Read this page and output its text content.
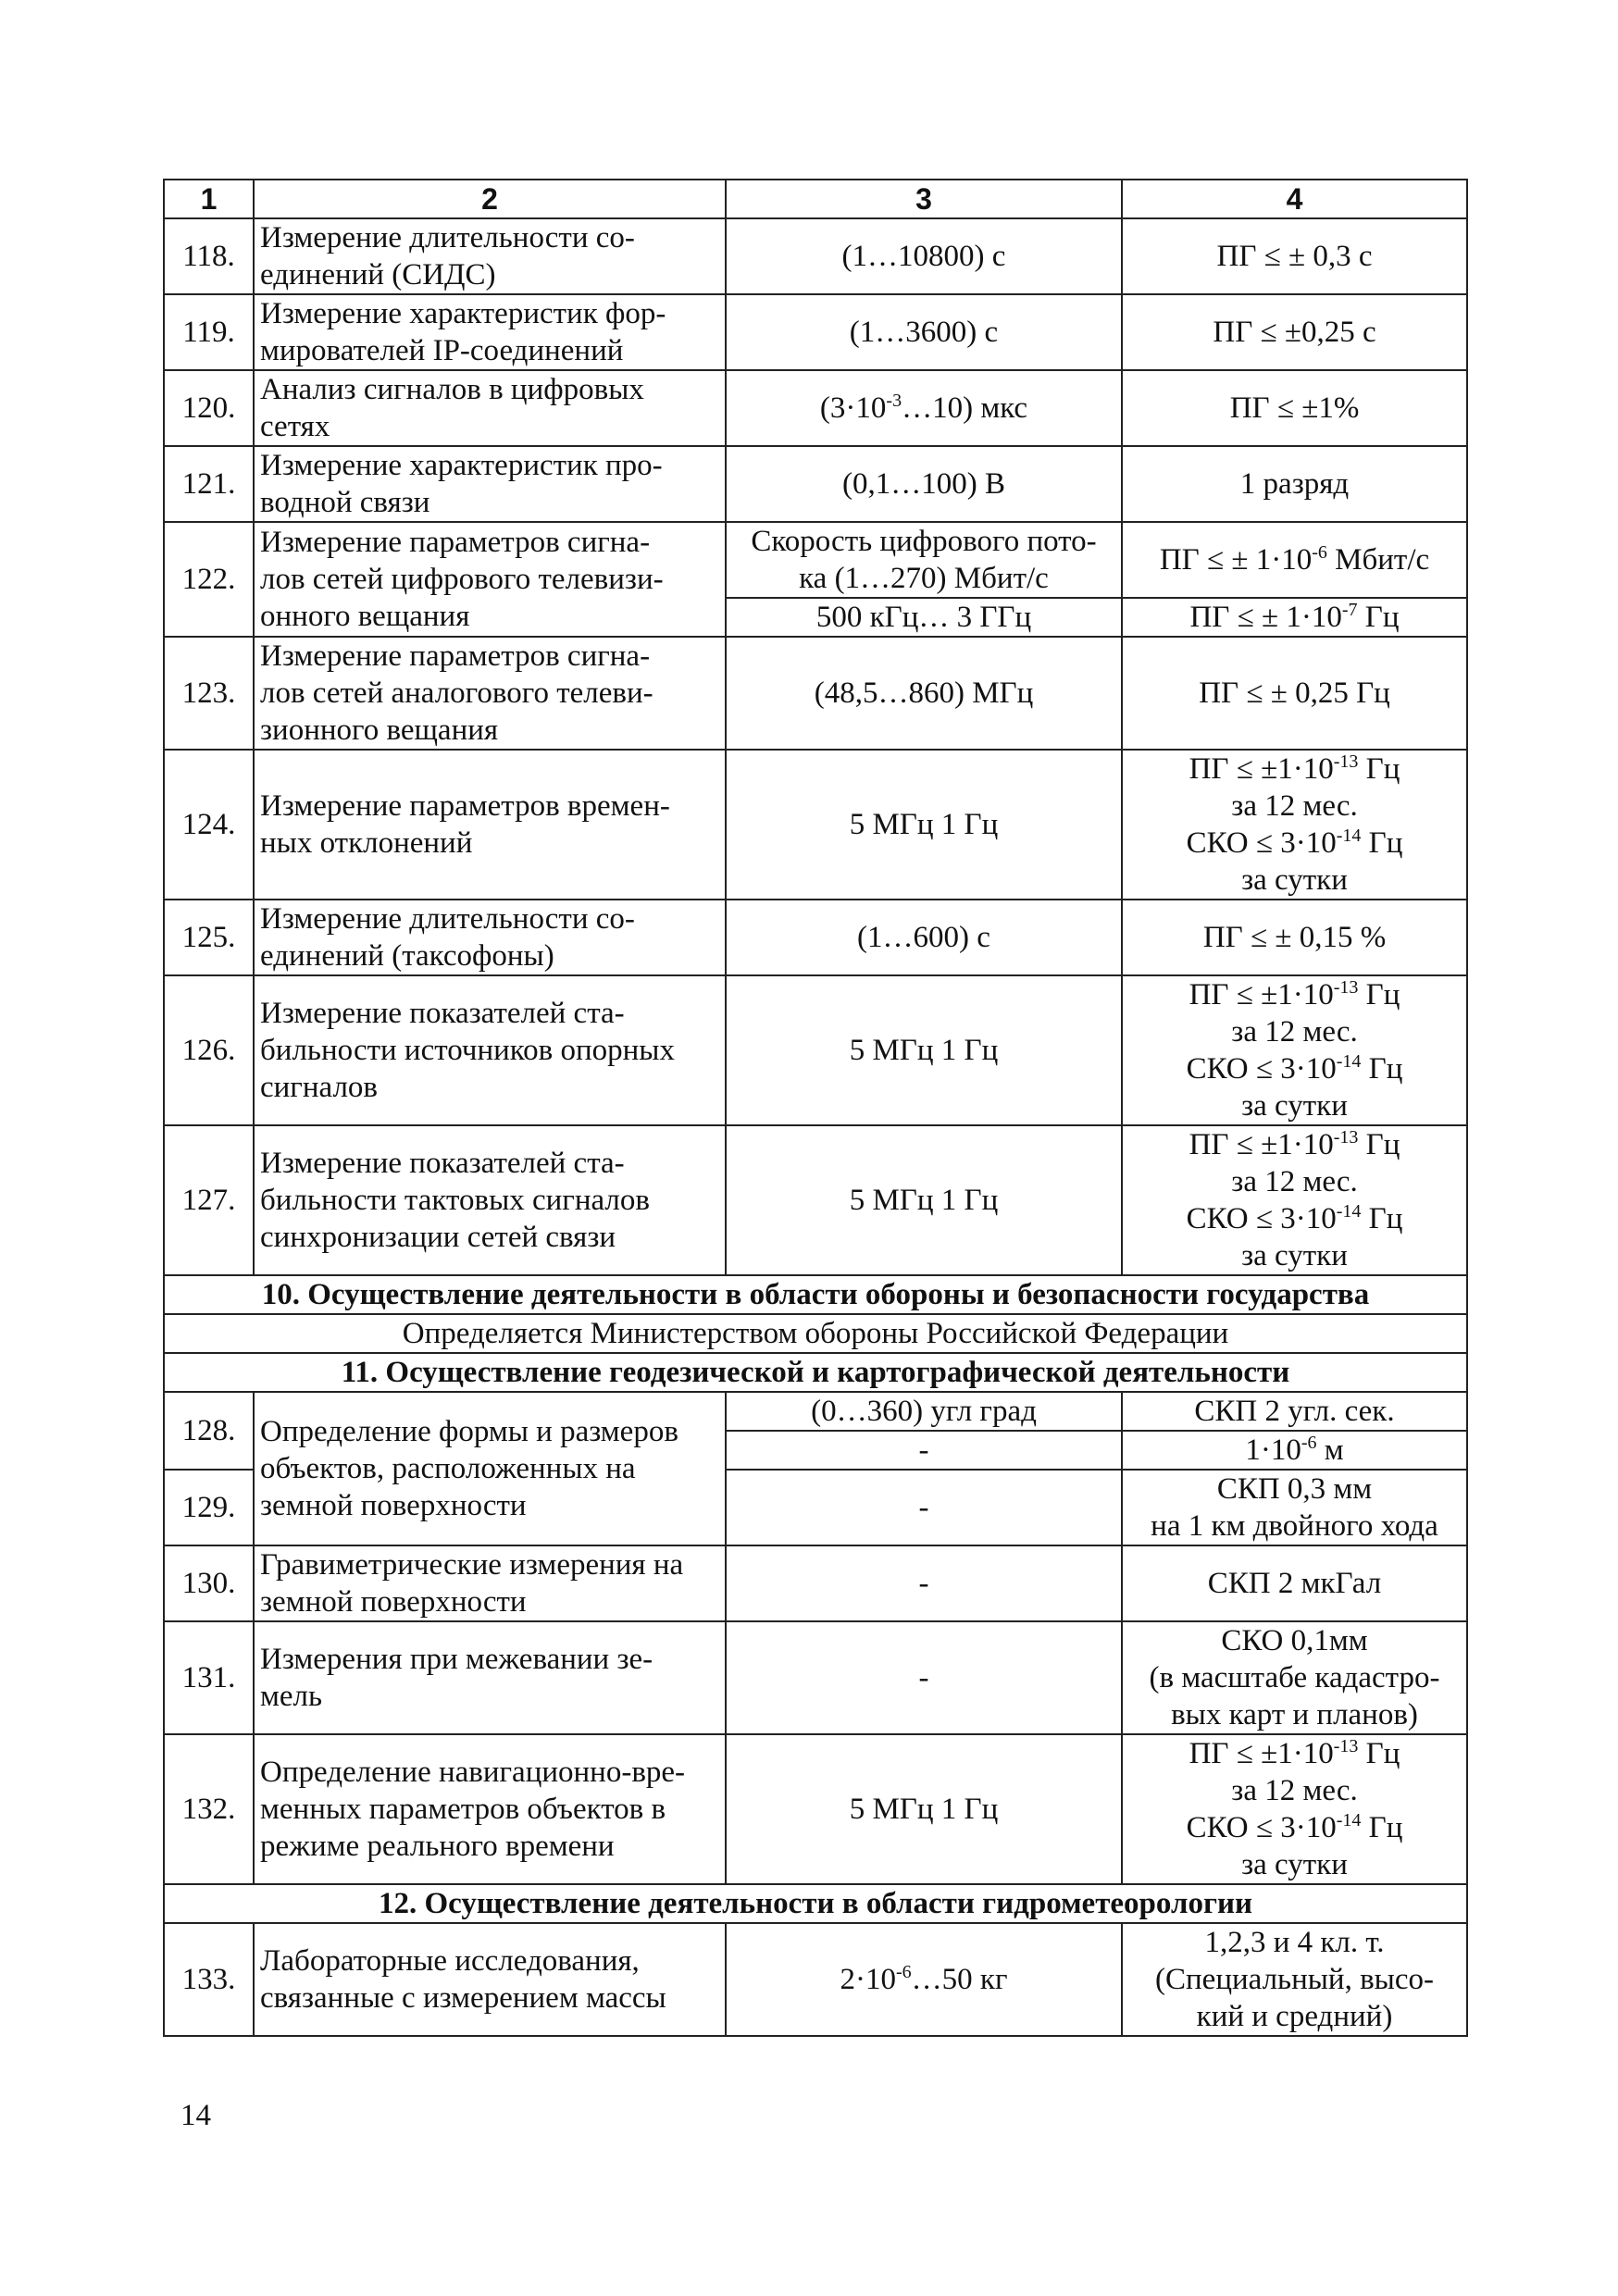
1	2	3	4
118.	Измерение длительности со-
единений (СИДС)	(1…10800) с	ПГ ≤ ± 0,3 с
119.	Измерение характеристик фор-
мирователей IP-соединений	(1…3600) с	ПГ ≤ ±0,25 с
120.	Анализ сигналов в цифровых
сетях	$(3\cdot 10^{-3}\dots 10)$ мкс	ПГ ≤ ±1%
121.	Измерение характеристик про-
водной связи	(0,1…100) В	1 разряд
122.	Измерение параметров сигна-
лов сетей цифрового телевизи-
онного вещания	Скорость цифрового пото-
ка (1…270) Мбит/с	ПГ ≤ ± $1\cdot 10^{-6}$ Мбит/с
		500 кГц… 3 ГГц	ПГ ≤ ± $1\cdot 10^{-7}$ Гц
123.	Измерение параметров сигна-
лов сетей аналогового телеви-
зионного вещания	(48,5…860) МГц	ПГ ≤ ± 0,25 Гц
124.	Измерение параметров времен-
ных отклонений	5 МГц 1 Гц	ПГ ≤ $\pm 1\cdot 10^{-13}$ Гц
за 12 мес.
СКО ≤ $3\cdot 10^{-14}$ Гц
за сутки
125.	Измерение длительности со-
единений (таксофоны)	(1…600) с	ПГ ≤ ± 0,15 %
126.	Измерение показателей ста-
бильности источников опорных
сигналов	5 МГц 1 Гц	ПГ ≤ $\pm 1\cdot 10^{-13}$ Гц
за 12 мес.
СКО ≤ $3\cdot 10^{-14}$ Гц
за сутки
127.	Измерение показателей ста-
бильности тактовых сигналов
синхронизации сетей связи	5 МГц 1 Гц	ПГ ≤ $\pm 1\cdot 10^{-13}$ Гц
за 12 мес.
СКО ≤ $3\cdot 10^{-14}$ Гц
за сутки
10. Осуществление деятельности в области обороны и безопасности государства			
Определяется Министерством обороны Российской Федерации			
11. Осуществление геодезической и картографической деятельности			
128.	Определение формы и размеров
объектов, расположенных на
земной поверхности	(0…360) угл град	СКП 2 угл. сек.
		-	$1\cdot 10^{-6}$ м
129.		-	СКП 0,3 мм
на 1 км двойного хода
130.	Гравиметрические измерения на
земной поверхности	-	СКП 2 мкГал
131.	Измерения при межевании зе-
мель	-	СКО 0,1мм
(в масштабе кадастро-
вых карт и планов)
132.	Определение навигационно-вре-
менных параметров объектов в
режиме реального времени	5 МГц 1 Гц	ПГ ≤ $\pm 1\cdot 10^{-13}$ Гц
за 12 мес.
СКО ≤ $3\cdot 10^{-14}$ Гц
за сутки
12. Осуществление деятельности в области гидрометеорологии			
133.	Лабораторные исследования,
связанные с измерением массы	$2\cdot 10^{-6}\dots 50$ кг	1,2,3 и 4 кл. т.
(Специальный, высо-
кий и средний)
14
